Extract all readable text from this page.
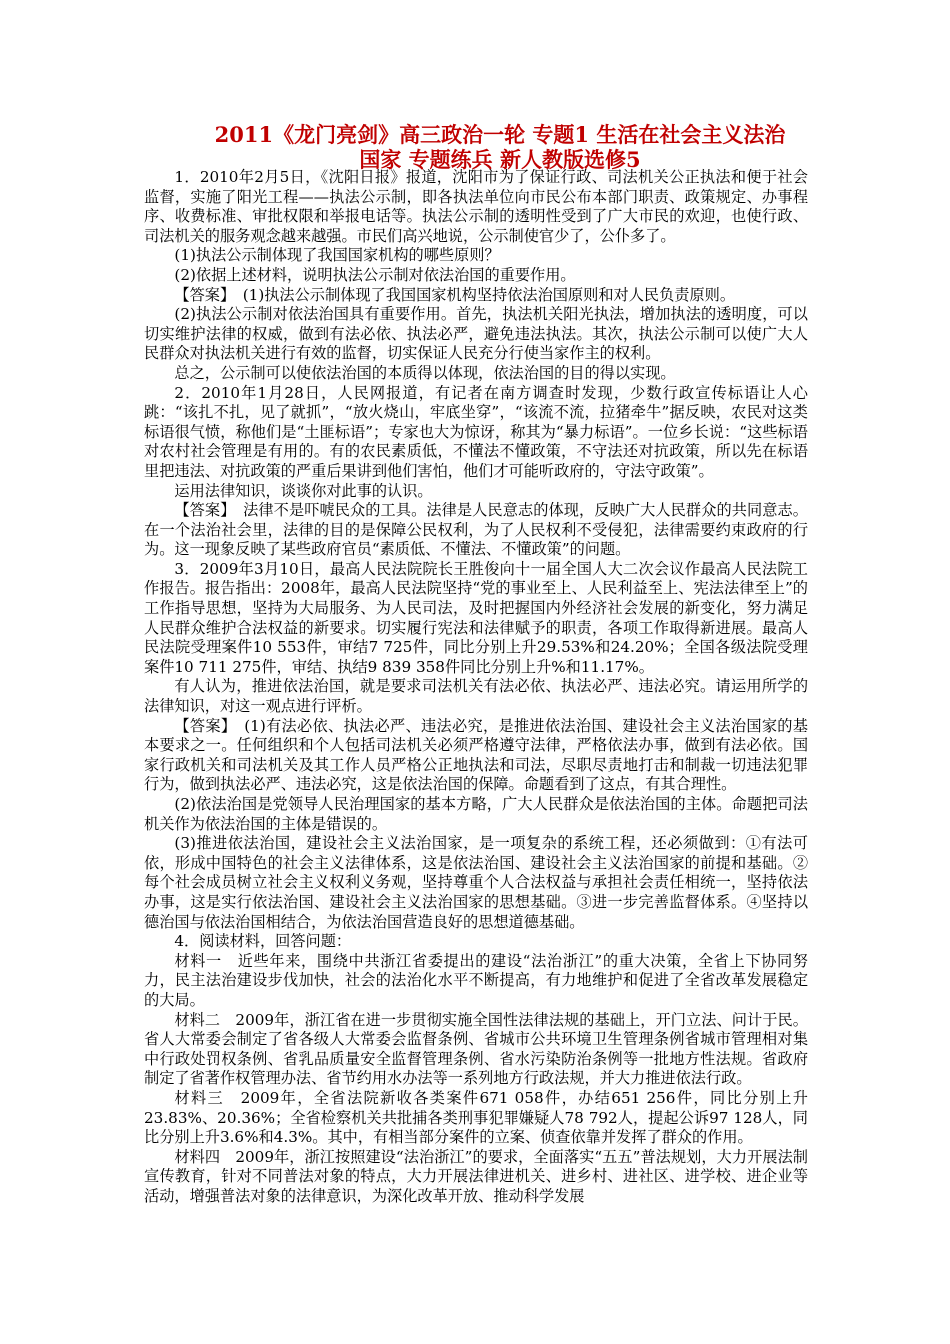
2011《龙门亮剑》高三政治一轮 专题1 生活在社会主义法治
国家 专题练兵 新人教版选修5

1．2010年2月5日，《沈阳日报》报道，沈阳市为了保证行政、司法机关公正执法和便于社会监督，实施了阳光工程——执法公示制，即各执法单位向市民公布本部门职责、政策规定、办事程序、收费标准、审批权限和举报电话等。执法公示制的透明性受到了广大市民的欢迎，也使行政、司法机关的服务观念越来越强。市民们高兴地说，公示制使官少了，公仆多了。

(1)执法公示制体现了我国国家机构的哪些原则？

(2)依据上述材料，说明执法公示制对依法治国的重要作用。

【答案】　(1)执法公示制体现了我国国家机构坚持依法治国原则和对人民负责原则。

(2)执法公示制对依法治国具有重要作用。首先，执法机关阳光执法，增加执法的透明度，可以切实维护法律的权威，做到有法必依、执法必严，避免违法执法。其次，执法公示制可以使广大人民群众对执法机关进行有效的监督，切实保证人民充分行使当家作主的权利。

总之，公示制可以使依法治国的本质得以体现，依法治国的目的得以实现。

2．2010年1月28日，人民网报道，有记者在南方调查时发现，少数行政宣传标语让人心跳：“该扎不扎，见了就抓”，“放火烧山，牢底坐穿”，“该流不流，拉猪牵牛”据反映，农民对这类标语很气愤，称他们是“土匪标语”；专家也大为惊讶，称其为“暴力标语”。一位乡长说：“这些标语对农村社会管理是有用的。有的农民素质低，不懂法不懂政策，不守法还对抗政策，所以先在标语里把违法、对抗政策的严重后果讲到他们害怕，他们才可能听政府的，守法守政策”。

运用法律知识，谈谈你对此事的认识。

【答案】　法律不是吓唬民众的工具。法律是人民意志的体现，反映广大人民群众的共同意志。在一个法治社会里，法律的目的是保障公民权利，为了人民权利不受侵犯，法律需要约束政府的行为。这一现象反映了某些政府官员“素质低、不懂法、不懂政策”的问题。

3．2009年3月10日，最高人民法院院长王胜俊向十一届全国人大二次会议作最高人民法院工作报告。报告指出：2008年，最高人民法院坚持“党的事业至上、人民利益至上、宪法法律至上”的工作指导思想，坚持为大局服务、为人民司法，及时把握国内外经济社会发展的新变化，努力满足人民群众维护合法权益的新要求。切实履行宪法和法律赋予的职责，各项工作取得新进展。最高人民法院受理案件10 553件，审结7 725件，同比分别上升29.53%和24.20%；全国各级法院受理案件10 711 275件，审结、执结9 839 358件同比分别上升%和11.17%。

有人认为，推进依法治国，就是要求司法机关有法必依、执法必严、违法必究。请运用所学的法律知识，对这一观点进行评析。

【答案】　(1)有法必依、执法必严、违法必究，是推进依法治国、建设社会主义法治国家的基本要求之一。任何组织和个人包括司法机关必须严格遵守法律，严格依法办事，做到有法必依。国家行政机关和司法机关及其工作人员严格公正地执法和司法，尽职尽责地打击和制裁一切违法犯罪行为，做到执法必严、违法必究，这是依法治国的保障。命题看到了这点，有其合理性。

(2)依法治国是党领导人民治理国家的基本方略，广大人民群众是依法治国的主体。命题把司法机关作为依法治国的主体是错误的。

(3)推进依法治国，建设社会主义法治国家，是一项复杂的系统工程，还必须做到：①有法可依，形成中国特色的社会主义法律体系，这是依法治国、建设社会主义法治国家的前提和基础。②每个社会成员树立社会主义权利义务观，坚持尊重个人合法权益与承担社会责任相统一，坚持依法办事，这是实行依法治国、建设社会主义法治国家的思想基础。③进一步完善监督体系。④坚持以德治国与依法治国相结合，为依法治国营造良好的思想道德基础。

4．阅读材料，回答问题：

材料一　近些年来，围绕中共浙江省委提出的建设“法治浙江”的重大决策，全省上下协同努力，民主法治建设步伐加快，社会的法治化水平不断提高，有力地维护和促进了全省改革发展稳定的大局。

材料二　2009年，浙江省在进一步贯彻实施全国性法律法规的基础上，开门立法、问计于民。省人大常委会制定了省各级人大常委会监督条例、省城市公共环境卫生管理条例省城市管理相对集中行政处罚权条例、省乳品质量安全监督管理条例、省水污染防治条例等一批地方性法规。省政府制定了省著作权管理办法、省节约用水办法等一系列地方行政法规，并大力推进依法行政。

材料三　2009年，全省法院新收各类案件671 058件，办结651 256件，同比分别上升23.83%、20.36%；全省检察机关共批捕各类刑事犯罪嫌疑人78 792人，提起公诉97 128人，同比分别上升3.6%和4.3%。其中，有相当部分案件的立案、侦查依靠并发挥了群众的作用。

材料四　2009年，浙江按照建设“法治浙江”的要求，全面落实“五五”普法规划，大力开展法制宣传教育，针对不同普法对象的特点，大力开展法律进机关、进乡村、进社区、进学校、进企业等活动，增强普法对象的法律意识，为深化改革开放、推动科学发展
